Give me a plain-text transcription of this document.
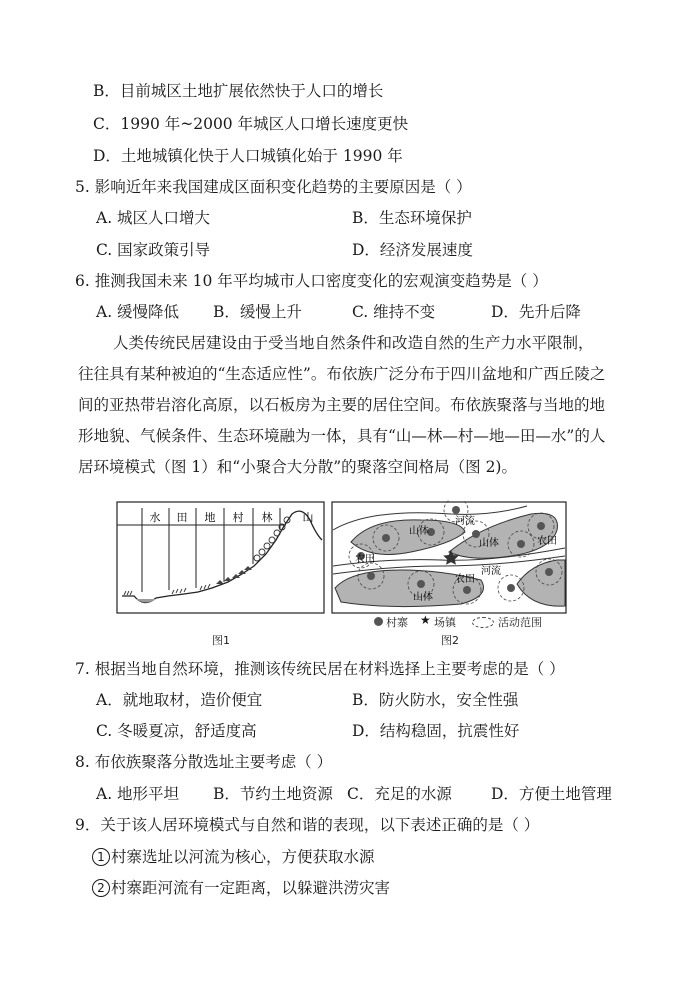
B．目前城区土地扩展依然快于人口的增长
C．1990 年~2000 年城区人口增长速度更快
D．土地城镇化快于人口城镇化始于 1990 年
5. 影响近年来我国建成区面积变化趋势的主要原因是（ ）
A. 城区人口增大	B．生态环境保护
C. 国家政策引导	D．经济发展速度
6. 推测我国未来 10 年平均城市人口密度变化的宏观演变趋势是（ ）
A. 缓慢降低 B．缓慢上升	C. 维持不变	D．先升后降
人类传统民居建设由于受当地自然条件和改造自然的生产力水平限制，
往往具有某种被迫的“生态适应性”。布依族广泛分布于四川盆地和广西丘陵之
间的亚热带岩溶化高原，以石板房为主要的居住空间。布依族聚落与当地的地
形地貌、气候条件、生态环境融为一体，具有“山—林—村—地—田—水”的人
居环境模式（图 1）和“小聚合大分散”的聚落空间格局（图 2)。
水 田 地 村 林	山
图1
山体
山体
山体
河流
河流
农田
农田
农田
村寨 ★ 场镇	活动范围
图2
7. 根据当地自然环境，推测该传统民居在材料选择上主要考虑的是（ ）
A．就地取材，造价便宜	B．防火防水，安全性强
C. 冬暖夏凉，舒适度高	D．结构稳固，抗震性好
8. 布依族聚落分散选址主要考虑（ ）
A. 地形平坦 B．节约土地资源 C．充足的水源	D．方便土地管理
9．关于该人居环境模式与自然和谐的表现，以下表述正确的是（ ）
1 村寨选址以河流为核心，方便获取水源
2 村寨距河流有一定距离，以躲避洪涝灾害
